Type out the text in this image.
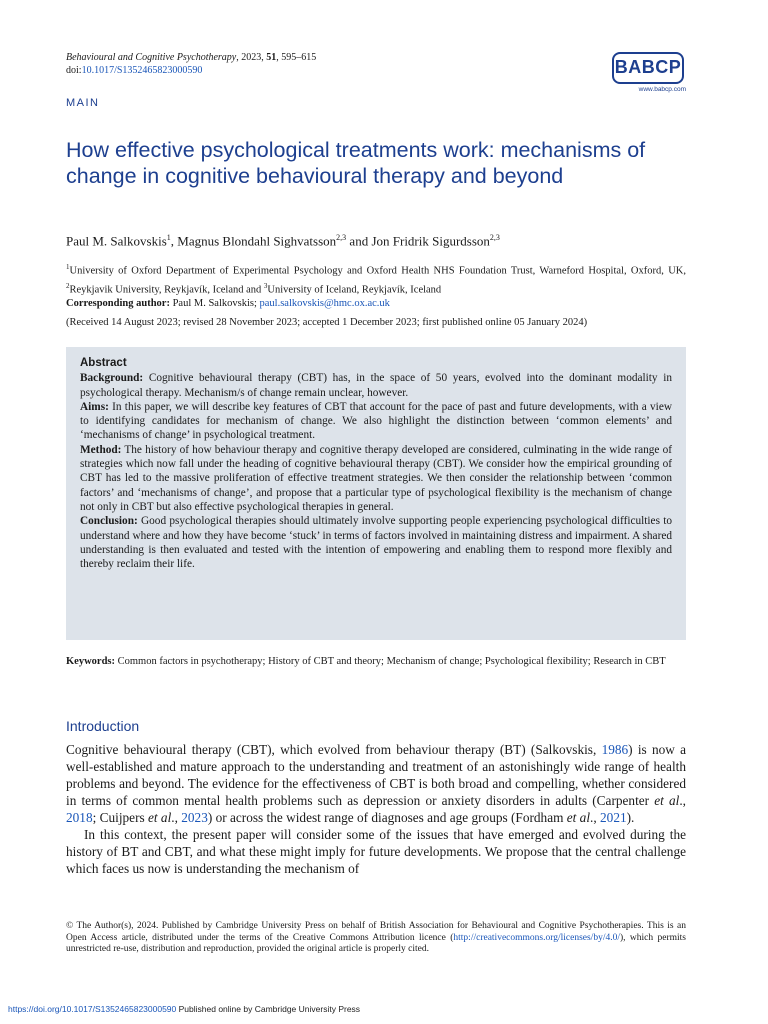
Behavioural and Cognitive Psychotherapy, 2023, 51, 595–615
doi:10.1017/S1352465823000590	BABCP
www.babcp.com
MAIN
How effective psychological treatments work: mechanisms of change in cognitive behavioural therapy and beyond
Paul M. Salkovskis$^1$, Magnus Blondahl Sighvatsson$^{2,3}$ and Jon Fridrik Sigurdsson$^{2,3}$
$^1$University of Oxford Department of Experimental Psychology and Oxford Health NHS Foundation Trust, Warneford Hospital, Oxford, UK, $^2$Reykjavik University, Reykjavík, Iceland and $^3$University of Iceland, Reykjavík, Iceland
Corresponding author: Paul M. Salkovskis; paul.salkovskis@hmc.ox.ac.uk
(Received 14 August 2023; revised 28 November 2023; accepted 1 December 2023; first published online 05 January 2024)
Abstract

Background: Cognitive behavioural therapy (CBT) has, in the space of 50 years, evolved into the dominant modality in psychological therapy. Mechanism/s of change remain unclear, however.

Aims: In this paper, we will describe key features of CBT that account for the pace of past and future developments, with a view to identifying candidates for mechanism of change. We also highlight the distinction between ‘common elements’ and ‘mechanisms of change’ in psychological treatment.

Method: The history of how behaviour therapy and cognitive therapy developed are considered, culminating in the wide range of strategies which now fall under the heading of cognitive behavioural therapy (CBT). We consider how the empirical grounding of CBT has led to the massive proliferation of effective treatment strategies. We then consider the relationship between ‘common factors’ and ‘mechanisms of change’, and propose that a particular type of psychological flexibility is the mechanism of change not only in CBT but also effective psychological therapies in general.

Conclusion: Good psychological therapies should ultimately involve supporting people experiencing psychological difficulties to understand where and how they have become ‘stuck’ in terms of factors involved in maintaining distress and impairment. A shared understanding is then evaluated and tested with the intention of empowering and enabling them to respond more flexibly and thereby reclaim their life.

Keywords: Common factors in psychotherapy; History of CBT and theory; Mechanism of change; Psychological flexibility; Research in CBT
Introduction

Cognitive behavioural therapy (CBT), which evolved from behaviour therapy (BT) (Salkovskis, 1986) is now a well-established and mature approach to the understanding and treatment of an astonishingly wide range of health problems and beyond. The evidence for the effectiveness of CBT is both broad and compelling, whether considered in terms of common mental health problems such as depression or anxiety disorders in adults (Carpenter et al., 2018; Cuijpers et al., 2023) or across the widest range of diagnoses and age groups (Fordham et al., 2021).

In this context, the present paper will consider some of the issues that have emerged and evolved during the history of BT and CBT, and what these might imply for future developments. We propose that the central challenge which faces us now is understanding the mechanism of

© The Author(s), 2024. Published by Cambridge University Press on behalf of British Association for Behavioural and Cognitive Psychotherapies. This is an Open Access article, distributed under the terms of the Creative Commons Attribution licence (http://creativecommons.org/licenses/by/4.0/), which permits unrestricted re-use, distribution and reproduction, provided the original article is properly cited.
https://doi.org/10.1017/S1352465823000590 Published online by Cambridge University Press
